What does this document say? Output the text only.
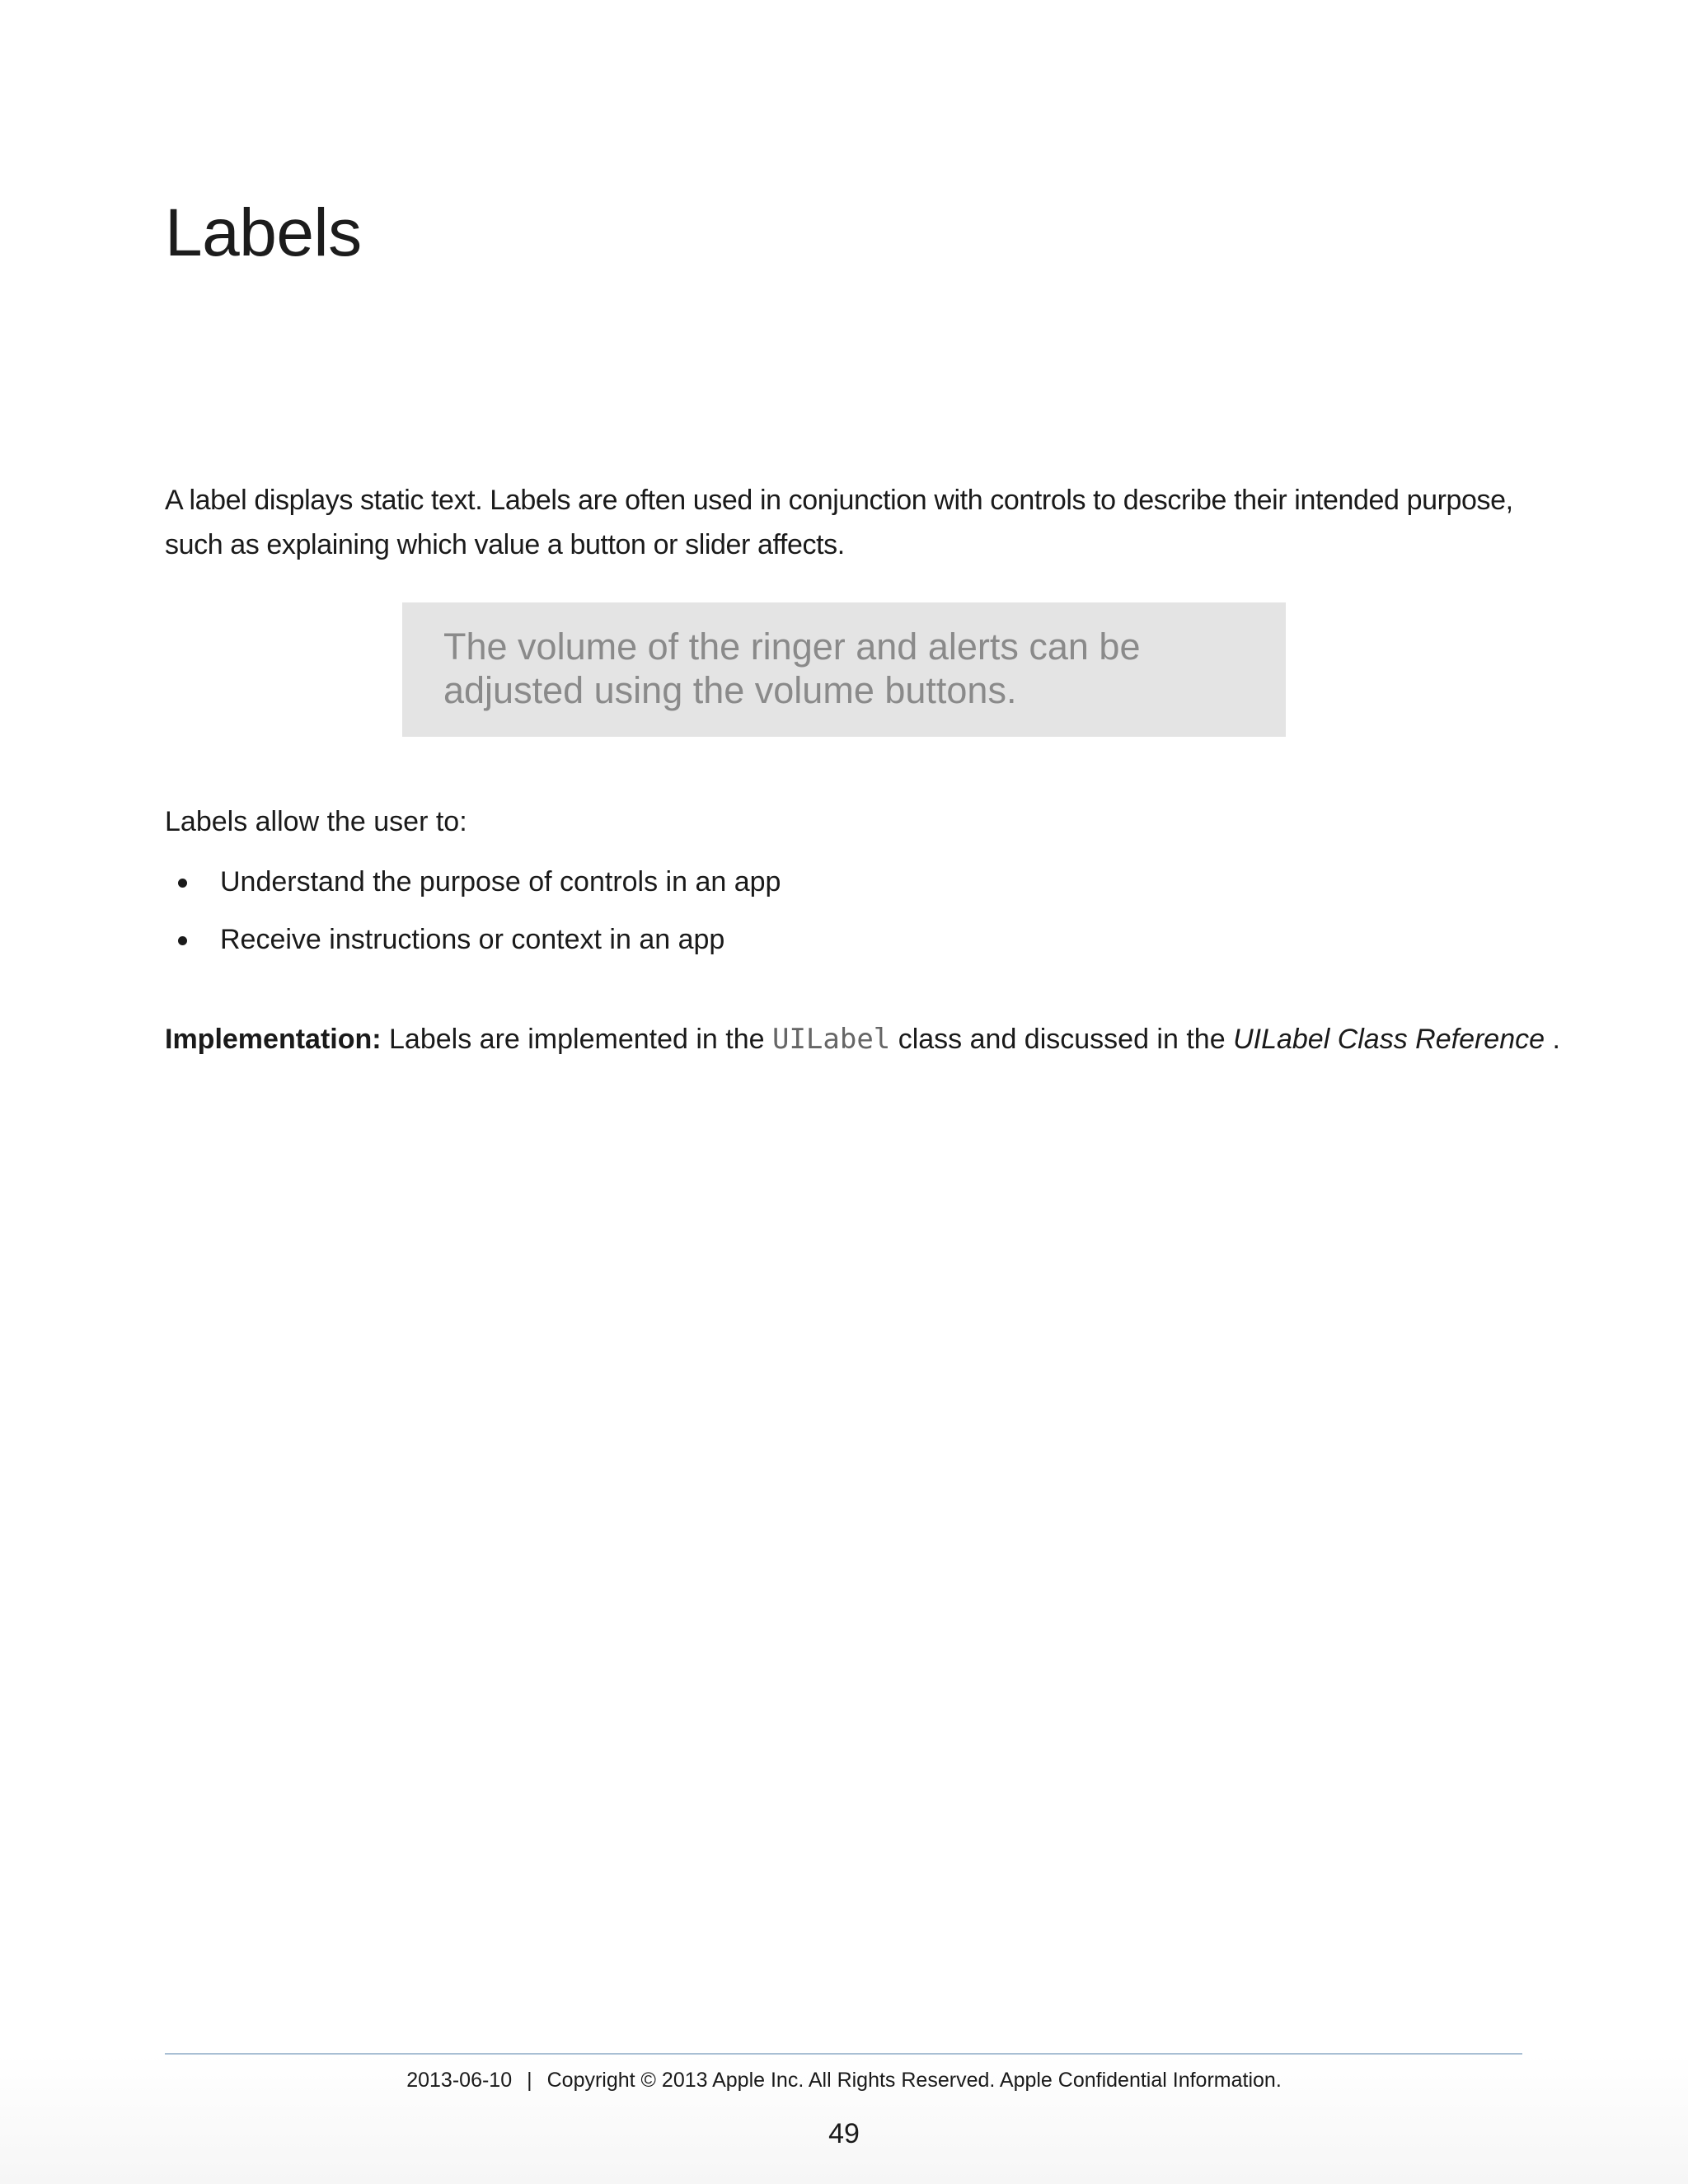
Labels

A label displays static text. Labels are often used in conjunction with controls to describe their intended purpose, such as explaining which value a button or slider affects.

The volume of the ringer and alerts can be
adjusted using the volume buttons.

Labels allow the user to:

Understand the purpose of controls in an app
Receive instructions or context in an app

Implementation: Labels are implemented in the UILabel class and discussed in the UILabel Class Reference .

2013-06-10 | Copyright © 2013 Apple Inc. All Rights Reserved. Apple Confidential Information.
49
